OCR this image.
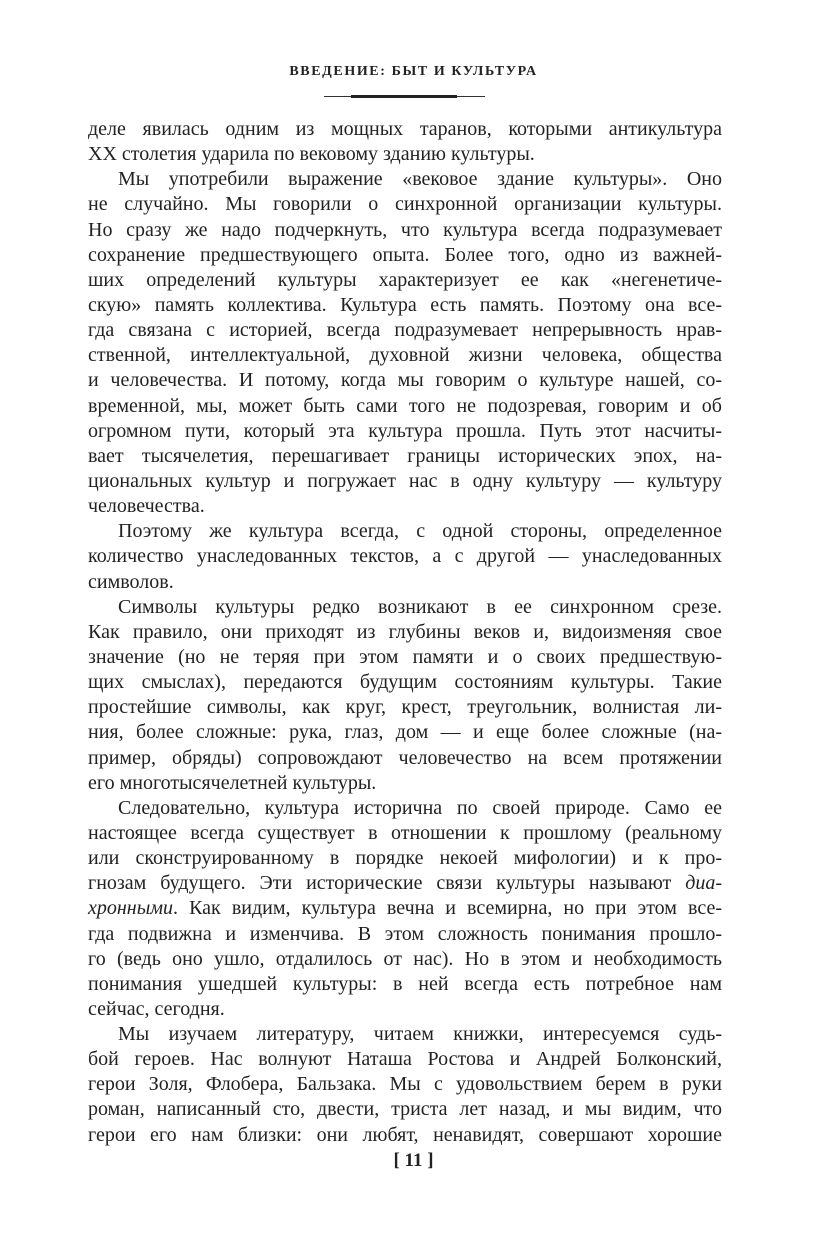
ВВЕДЕНИЕ: БЫТ И КУЛЬТУРА
деле явилась одним из мощных таранов, которыми антикультура
XX столетия ударила по вековому зданию культуры.
Мы употребили выражение «вековое здание культуры». Оно
не случайно. Мы говорили о синхронной организации культуры.
Но сразу же надо подчеркнуть, что культура всегда подразумевает
сохранение предшествующего опыта. Более того, одно из важней-
ших определений культуры характеризует ее как «негенетиче-
скую» память коллектива. Культура есть память. Поэтому она все-
гда связана с историей, всегда подразумевает непрерывность нрав-
ственной, интеллектуальной, духовной жизни человека, общества
и человечества. И потому, когда мы говорим о культуре нашей, со-
временной, мы, может быть сами того не подозревая, говорим и об
огромном пути, который эта культура прошла. Путь этот насчиты-
вает тысячелетия, перешагивает границы исторических эпох, на-
циональных культур и погружает нас в одну культуру — культуру
человечества.
Поэтому же культура всегда, с одной стороны, определенное
количество унаследованных текстов, а с другой — унаследованных
символов.
Символы культуры редко возникают в ее синхронном срезе.
Как правило, они приходят из глубины веков и, видоизменяя свое
значение (но не теряя при этом памяти и о своих предшествую-
щих смыслах), передаются будущим состояниям культуры. Такие
простейшие символы, как круг, крест, треугольник, волнистая ли-
ния, более сложные: рука, глаз, дом — и еще более сложные (на-
пример, обряды) сопровождают человечество на всем протяжении
его многотысячелетней культуры.
Следовательно, культура исторична по своей природе. Само ее
настоящее всегда существует в отношении к прошлому (реальному
или сконструированному в порядке некоей мифологии) и к про-
гнозам будущего. Эти исторические связи культуры называют диа-
хронными. Как видим, культура вечна и всемирна, но при этом все-
гда подвижна и изменчива. В этом сложность понимания прошло-
го (ведь оно ушло, отдалилось от нас). Но в этом и необходимость
понимания ушедшей культуры: в ней всегда есть потребное нам
сейчас, сегодня.
Мы изучаем литературу, читаем книжки, интересуемся судь-
бой героев. Нас волнуют Наташа Ростова и Андрей Болконский,
герои Золя, Флобера, Бальзака. Мы с удовольствием берем в руки
роман, написанный сто, двести, триста лет назад, и мы видим, что
герои его нам близки: они любят, ненавидят, совершают хорошие
[ 11 ]
